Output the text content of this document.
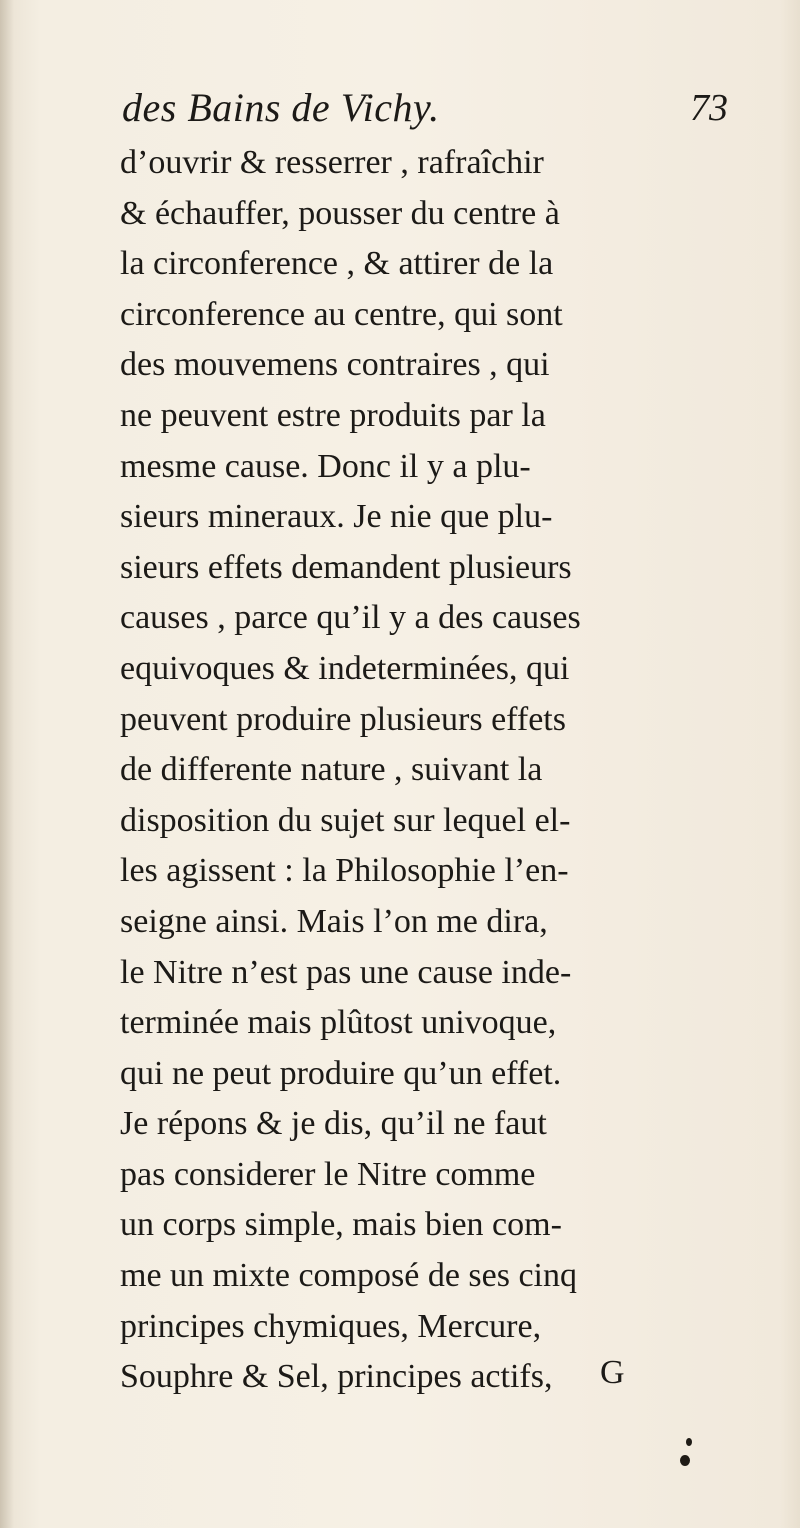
des Bains de Vichy.	73
d’ouvrir & resserrer , rafraîchir
& échauffer, pousser du centre à
la circonference , & attirer de la
circonference au centre, qui sont
des mouvemens contraires , qui
ne peuvent estre produits par la
mesme cause. Donc il y a plu-
sieurs mineraux. Je nie que plu-
sieurs effets demandent plusieurs
causes , parce qu’il y a des causes
equivoques & indeterminées, qui
peuvent produire plusieurs effets
de differente nature , suivant la
disposition du sujet sur lequel el-
les agissent : la Philosophie l’en-
seigne ainsi. Mais l’on me dira,
le Nitre n’est pas une cause inde-
terminée mais plûtost univoque,
qui ne peut produire qu’un effet.
Je répons & je dis, qu’il ne faut
pas considerer le Nitre comme
un corps simple, mais bien com-
me un mixte composé de ses cinq
principes chymiques, Mercure,
Souphre & Sel, principes actifs,	G
